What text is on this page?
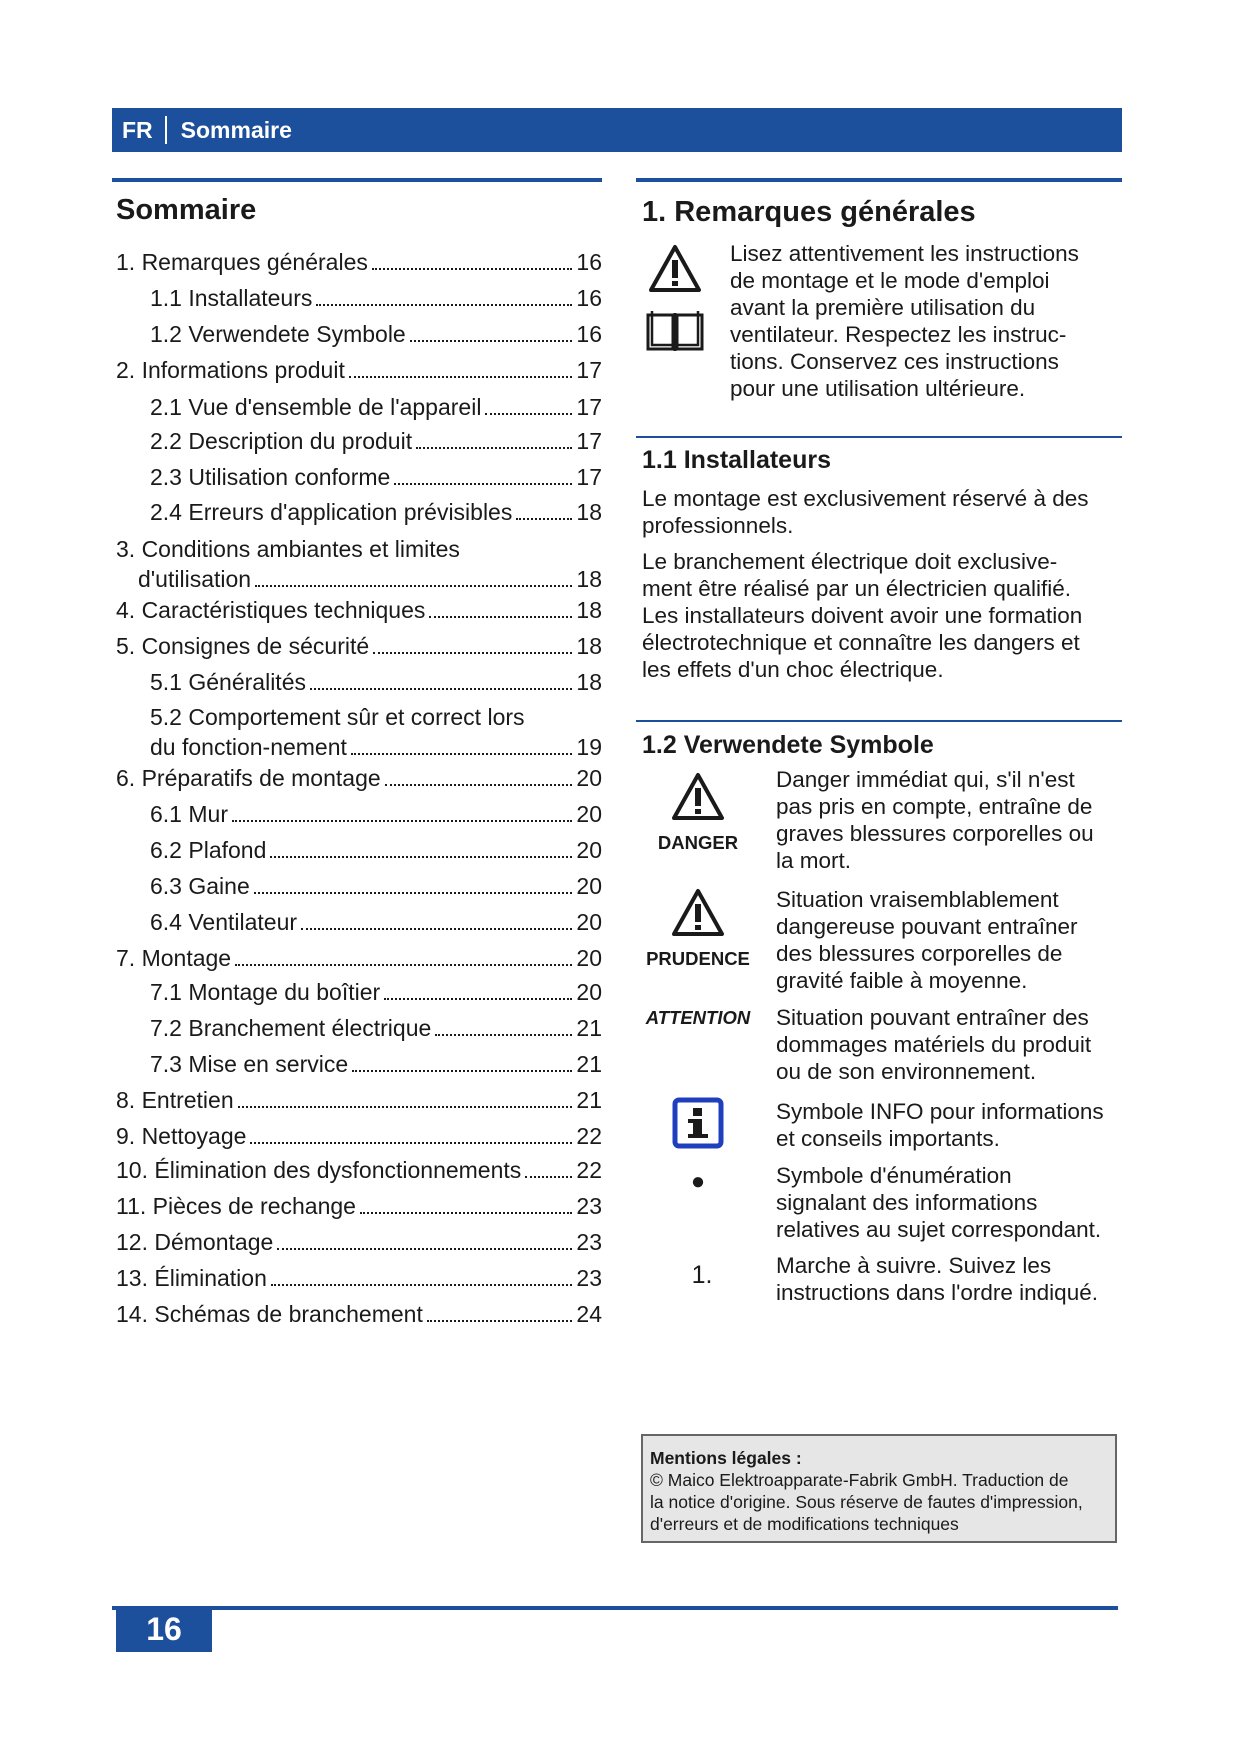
FR	Sommaire
Sommaire
1. Remarques générales	16
1.1 Installateurs	16
1.2 Verwendete Symbole	16
2. Informations produit	17
2.1 Vue d'ensemble de l'appareil	17
2.2 Description du produit	17
2.3 Utilisation conforme	17
2.4 Erreurs d'application prévisibles	18
3. Conditions ambiantes et limites
d'utilisation	18
4. Caractéristiques techniques	18
5. Consignes de sécurité	18
5.1 Généralités	18
5.2 Comportement sûr et correct lors
du fonction-nement	19
6. Préparatifs de montage	20
6.1 Mur	20
6.2 Plafond	20
6.3 Gaine	20
6.4 Ventilateur	20
7. Montage	20
7.1 Montage du boîtier	20
7.2 Branchement électrique	21
7.3 Mise en service	21
8. Entretien	21
9. Nettoyage	22
10. Élimination des dysfonctionnements 22
11. Pièces de rechange	23
12. Démontage	23
13. Élimination	23
14. Schémas de branchement	24
1. Remarques générales

Lisez attentivement les instructions
de montage et le mode d'emploi
avant la première utilisation du
ventilateur. Respectez les instruc-
tions. Conservez ces instructions
pour une utilisation ultérieure.
1.1 Installateurs
Le montage est exclusivement réservé à des
professionnels.
Le branchement électrique doit exclusive-
ment être réalisé par un électricien qualifié.
Les installateurs doivent avoir une formation
électrotechnique et connaître les dangers et
les effets d'un choc électrique.
1.2 Verwendete Symbole
DANGER
Danger immédiat qui, s'il n'est
pas pris en compte, entraîne de
graves blessures corporelles ou
la mort.
PRUDENCE
Situation vraisemblablement
dangereuse pouvant entraîner
des blessures corporelles de
gravité faible à moyenne.
ATTENTION	Situation pouvant entraîner des
dommages matériels du produit
ou de son environnement.
Symbole INFO pour informations
et conseils importants.
●	Symbole d'énumération
signalant des informations
relatives au sujet correspondant.
1.	Marche à suivre. Suivez les
instructions dans l'ordre indiqué.
Mentions légales :
© Maico Elektroapparate-Fabrik GmbH. Traduction de
la notice d'origine. Sous réserve de fautes d'impression,
d'erreurs et de modifications techniques
16
